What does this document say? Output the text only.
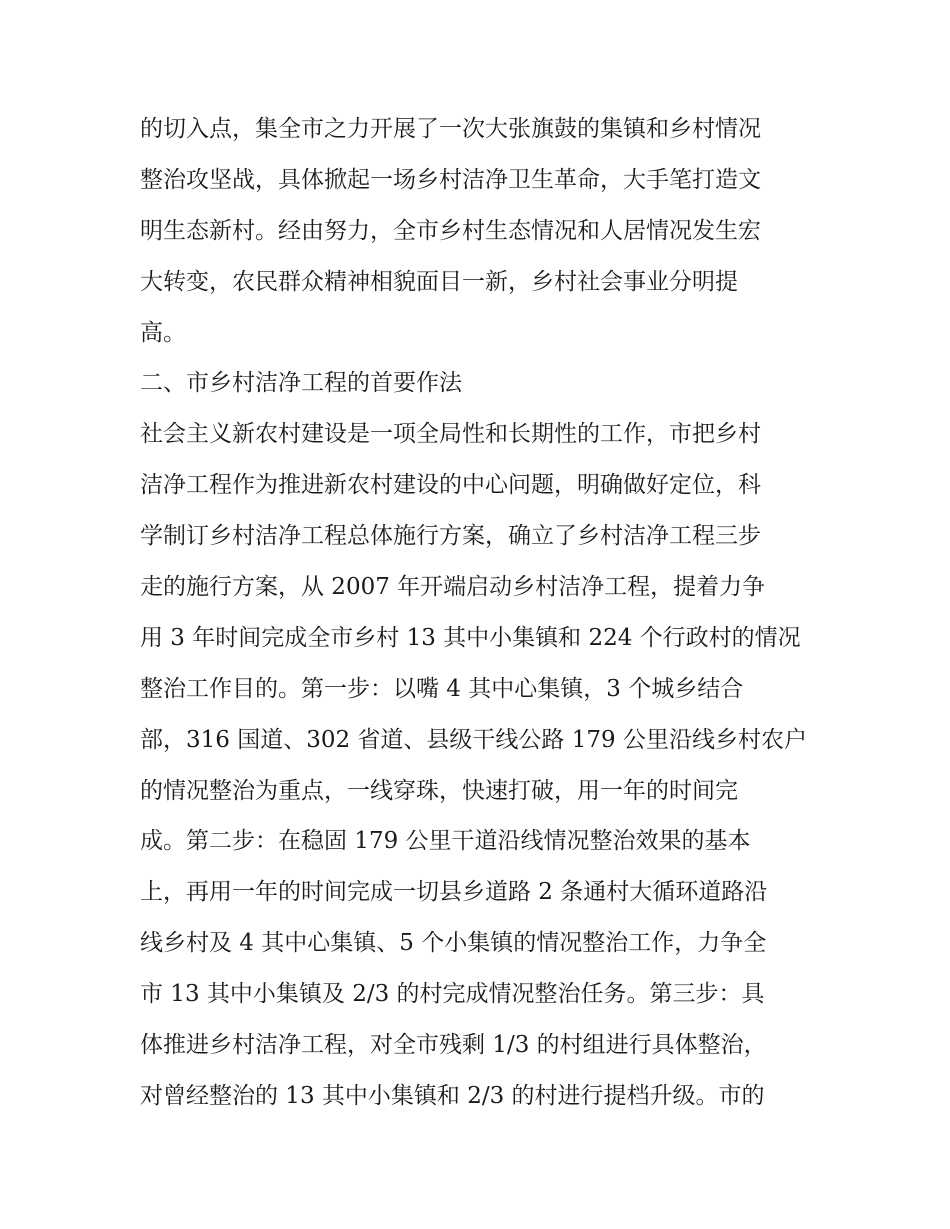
的切入点，集全市之力开展了一次大张旗鼓的集镇和乡村情况

整治攻坚战，具体掀起一场乡村洁净卫生革命，大手笔打造文

明生态新村。经由努力，全市乡村生态情况和人居情况发生宏

大转变，农民群众精神相貌面目一新，乡村社会事业分明提

高。

二、市乡村洁净工程的首要作法

社会主义新农村建设是一项全局性和长期性的工作，市把乡村

洁净工程作为推进新农村建设的中心问题，明确做好定位，科

学制订乡村洁净工程总体施行方案，确立了乡村洁净工程三步

走的施行方案，从 2007 年开端启动乡村洁净工程，提着力争

用 3 年时间完成全市乡村 13 其中小集镇和 224 个行政村的情况

整治工作目的。第一步：以嘴 4 其中心集镇，3 个城乡结合

部，316 国道、302 省道、县级干线公路 179 公里沿线乡村农户

的情况整治为重点，一线穿珠，快速打破，用一年的时间完

成。第二步：在稳固 179 公里干道沿线情况整治效果的基本

上，再用一年的时间完成一切县乡道路 2 条通村大循环道路沿

线乡村及 4 其中心集镇、5 个小集镇的情况整治工作，力争全

市 13 其中小集镇及 2/3 的村完成情况整治任务。第三步：具

体推进乡村洁净工程，对全市残剩 1/3 的村组进行具体整治，

对曾经整治的 13 其中小集镇和 2/3 的村进行提档升级。市的
